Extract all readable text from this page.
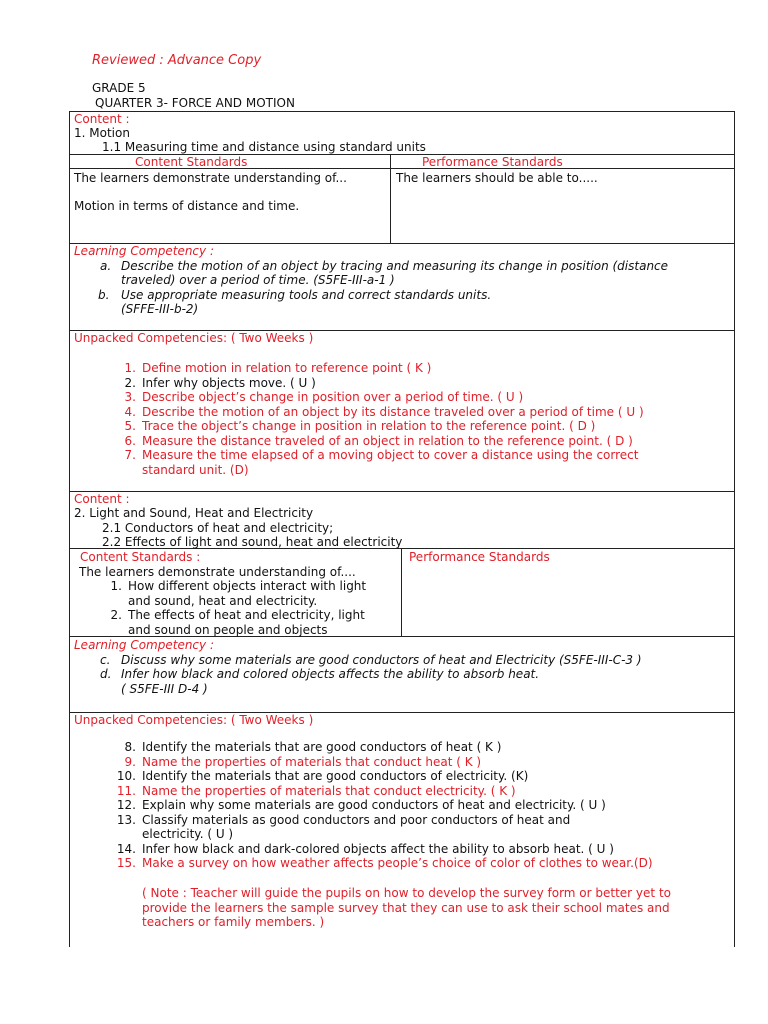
Reviewed : Advance Copy
GRADE 5
QUARTER 3- FORCE AND MOTION
Content :
1. Motion
1.1 Measuring time and distance using standard units
Content Standards	Performance Standards
The learners demonstrate understanding of...
Motion in terms of distance and time.
The learners should be able to.....
Learning Competency :
a. Describe the motion of an object by tracing and measuring its change in position (distance
traveled) over a period of time. (S5FE-III-a-1 )
b. Use appropriate measuring tools and correct standards units.
(SFFE-III-b-2)
Unpacked Competencies: ( Two Weeks )
1. Define motion in relation to reference point ( K )
2. Infer why objects move. ( U )
3. Describe object’s change in position over a period of time. ( U )
4. Describe the motion of an object by its distance traveled over a period of time ( U )
5. Trace the object’s change in position in relation to the reference point. ( D )
6. Measure the distance traveled of an object in relation to the reference point. ( D )
7. Measure the time elapsed of a moving object to cover a distance using the correct
standard unit. (D)
Content :
2. Light and Sound, Heat and Electricity
2.1 Conductors of heat and electricity;
2.2 Effects of light and sound, heat and electricity
Content Standards :	Performance Standards
The learners demonstrate understanding of....
1. How different objects interact with light
and sound, heat and electricity.
2. The effects of heat and electricity, light
and sound on people and objects
Learning Competency :
c. Discuss why some materials are good conductors of heat and Electricity (S5FE-III-C-3 )
d. Infer how black and colored objects affects the ability to absorb heat.
( S5FE-III D-4 )
Unpacked Competencies: ( Two Weeks )
8. Identify the materials that are good conductors of heat ( K )
9. Name the properties of materials that conduct heat ( K )
10. Identify the materials that are good conductors of electricity. (K)
11. Name the properties of materials that conduct electricity. ( K )
12. Explain why some materials are good conductors of heat and electricity. ( U )
13. Classify materials as good conductors and poor conductors of heat and
electricity. ( U )
14. Infer how black and dark-colored objects affect the ability to absorb heat. ( U )
15. Make a survey on how weather affects people’s choice of color of clothes to wear.(D)
( Note : Teacher will guide the pupils on how to develop the survey form or better yet to
provide the learners the sample survey that they can use to ask their school mates and
teachers or family members. )
